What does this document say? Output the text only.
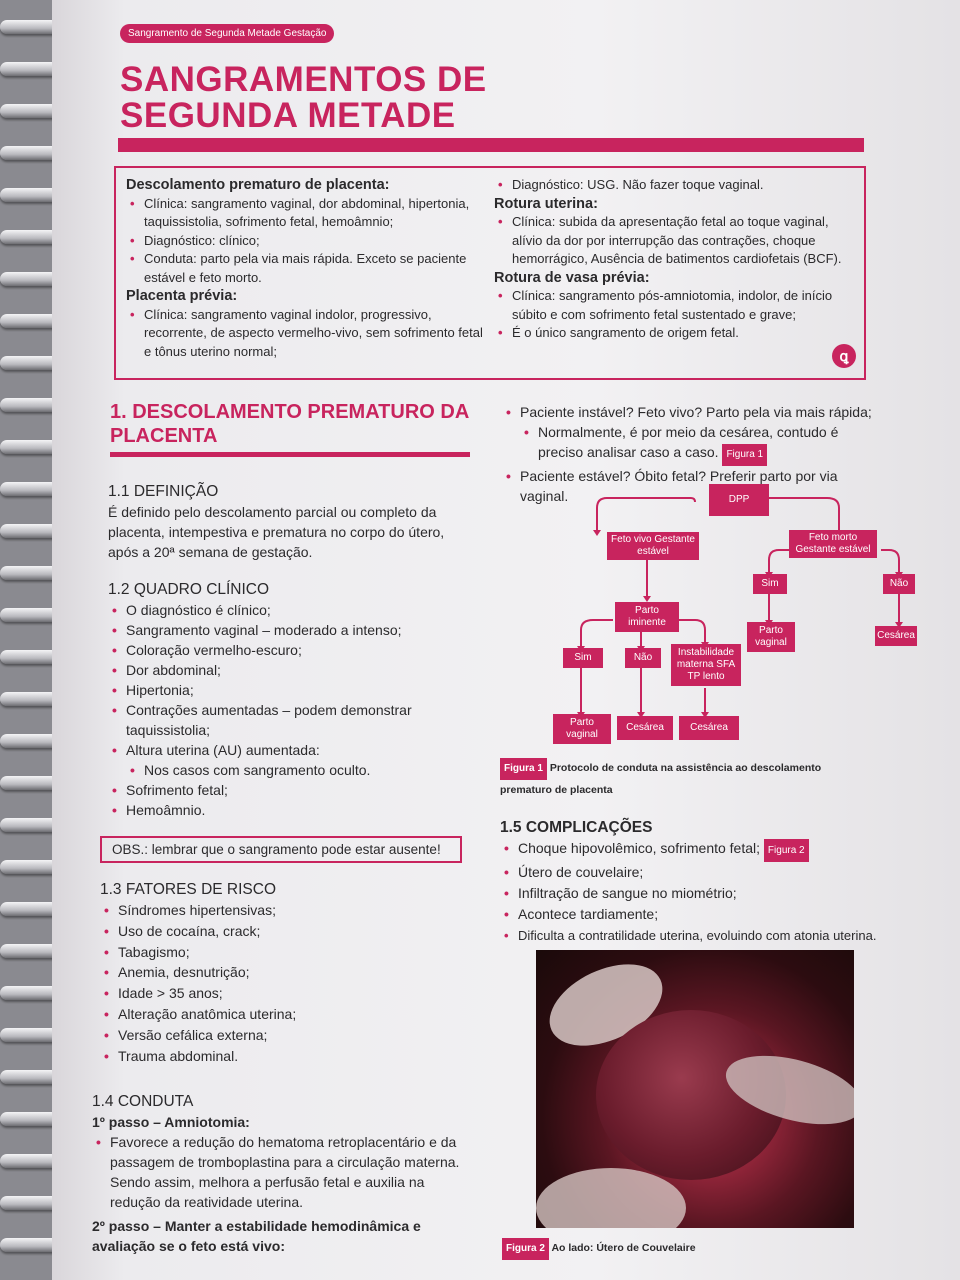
Sangramento de Segunda Metade Gestação
SANGRAMENTOS DE
SEGUNDA METADE
Descolamento prematuro de placenta:
• Clínica: sangramento vaginal, dor abdominal, hipertonia, taquissistolia, sofrimento fetal, hemoâmnio;
• Diagnóstico: clínico;
• Conduta: parto pela via mais rápida. Exceto se paciente estável e feto morto.
Placenta prévia:
• Clínica: sangramento vaginal indolor, progressivo, recorrente, de aspecto vermelho-vivo, sem sofrimento fetal e tônus uterino normal;
• Diagnóstico: USG. Não fazer toque vaginal.
Rotura uterina:
• Clínica: subida da apresentação fetal ao toque vaginal, alívio da dor por interrupção das contrações, choque hemorrágico, Ausência de batimentos cardiofetais (BCF).
Rotura de vasa prévia:
• Clínica: sangramento pós-amniotomia, indolor, de início súbito e com sofrimento fetal sustentado e grave;
• É o único sangramento de origem fetal.
ꝗ
1. DESCOLAMENTO PREMATURO DA PLACENTA
1.1 DEFINIÇÃO
É definido pelo descolamento parcial ou completo da placenta, intempestiva e prematura no corpo do útero, após a 20ª semana de gestação.
1.2 QUADRO CLÍNICO
• O diagnóstico é clínico;
• Sangramento vaginal – moderado a intenso;
• Coloração vermelho-escuro;
• Dor abdominal;
• Hipertonia;
• Contrações aumentadas – podem demonstrar taquissistolia;
• Altura uterina (AU) aumentada:
• Nos casos com sangramento oculto.
• Sofrimento fetal;
• Hemoâmnio.
OBS.: lembrar que o sangramento pode estar ausente!
1.3 FATORES DE RISCO
• Síndromes hipertensivas;
• Uso de cocaína, crack;
• Tabagismo;
• Anemia, desnutrição;
• Idade > 35 anos;
• Alteração anatômica uterina;
• Versão cefálica externa;
• Trauma abdominal.
1.4 CONDUTA
1º passo – Amniotomia:
• Favorece a redução do hematoma retroplacentário e da passagem de tromboplastina para a circulação materna. Sendo assim, melhora a perfusão fetal e auxilia na redução da reatividade uterina.
2º passo – Manter a estabilidade hemodinâmica e avaliação se o feto está vivo:
• Paciente instável? Feto vivo? Parto pela via mais rápida;
• Normalmente, é por meio da cesárea, contudo é preciso analisar caso a caso. Figura 1
• Paciente estável? Óbito fetal? Preferir parto por via vaginal.	DPP
Feto vivo Gestante estável
Feto morto Gestante estável
Parto iminente
Sim	Não	Instabilidade materna SFA TP lento
Parto vaginal
Cesárea	Cesárea
Sim	Não
Parto vaginal
Cesárea
Figura 1 Protocolo de conduta na assistência ao descolamento prematuro de placenta
1.5 COMPLICAÇÕES
• Choque hipovolêmico, sofrimento fetal; Figura 2
• Útero de couvelaire;
• Infiltração de sangue no miométrio;
• Acontece tardiamente;
• Dificulta a contratilidade uterina, evoluindo com atonia uterina.
Figura 2 Ao lado: Útero de Couvelaire
